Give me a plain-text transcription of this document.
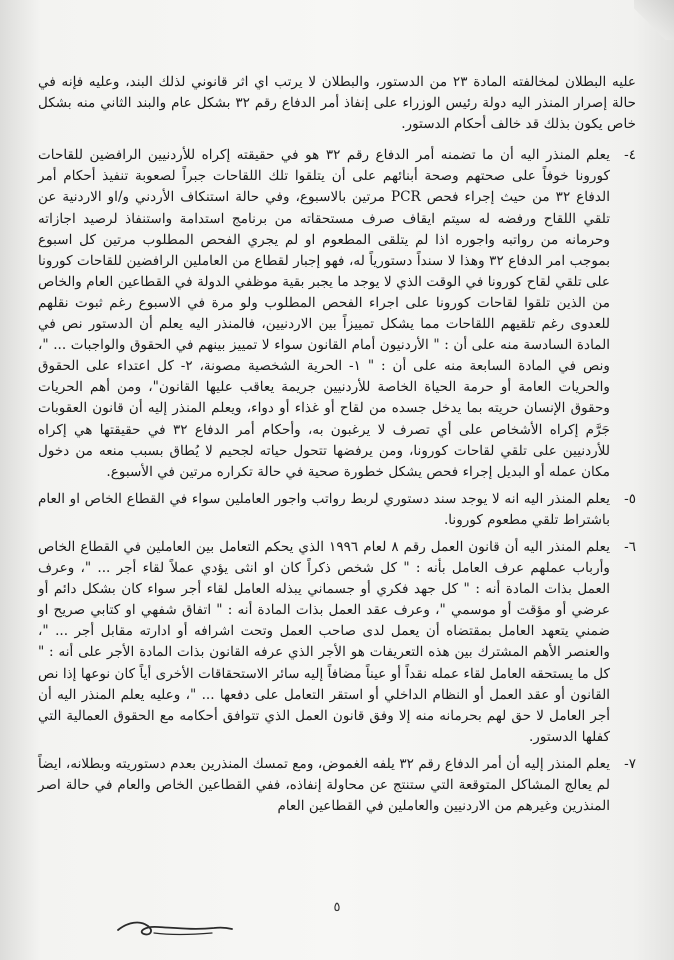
عليه البطلان لمخالفته المادة ٢٣ من الدستور، والبطلان لا يرتب اي اثر قانوني لذلك البند، وعليه فإنه في حالة إصرار المنذر اليه دولة رئيس الوزراء على إنفاذ أمر الدفاع رقم ٣٢ بشكل عام والبند الثاني منه بشكل خاص يكون بذلك قد خالف أحكام الدستور.

٤-

يعلم المنذر اليه أن ما تضمنه أمر الدفاع رقم ٣٢ هو في حقيقته إكراه للأردنيين الرافضين للقاحات كورونا خوفاً على صحتهم وصحة أبنائهم على أن يتلقوا تلك اللقاحات جبراً لصعوبة تنفيذ أحكام أمر الدفاع ٣٢ من حيث إجراء فحص PCR مرتين بالاسبوع، وفي حالة استنكاف الأردني و/او الاردنية عن تلقي اللقاح ورفضه له سيتم ايقاف صرف مستحقاته من برنامج استدامة واستنفاذ لرصيد اجازاته وحرمانه من رواتبه واجوره اذا لم يتلقى المطعوم او لم يجري الفحص المطلوب مرتين كل اسبوع بموجب امر الدفاع ٣٢ وهذا لا سنداً دستورياً له، فهو إجبار لقطاع من العاملين الرافضين للقاحات كورونا على تلقي لقاح كورونا في الوقت الذي لا يوجد ما يجبر بقية موظفي الدولة في القطاعين العام والخاص من الذين تلقوا لقاحات كورونا على اجراء الفحص المطلوب ولو مرة في الاسبوع رغم ثبوت نقلهم للعدوى رغم تلقيهم اللقاحات مما يشكل تمييزاً بين الاردنيين، فالمنذر اليه يعلم أن الدستور نص في المادة السادسة منه على أن : " الأردنيون أمام القانون سواء لا تمييز بينهم في الحقوق والواجبات ... "، ونص في المادة السابعة منه على أن : " ١- الحرية الشخصية مصونة، ٢- كل اعتداء على الحقوق والحريات العامة أو حرمة الحياة الخاصة للأردنيين جريمة يعاقب عليها القانون"، ومن أهم الحريات وحقوق الإنسان حريته بما يدخل جسده من لقاح أو غذاء أو دواء، ويعلم المنذر إليه أن قانون العقوبات جَرَّم إكراه الأشخاص على أي تصرف لا يرغبون به، وأحكام أمر الدفاع ٣٢ في حقيقتها هي إكراه للأردنيين على تلقي لقاحات كورونا، ومن يرفضها تتحول حياته لجحيم لا يُطاق بسبب منعه من دخول مكان عمله أو البديل إجراء فحص يشكل خطورة صحية في حالة تكراره مرتين في الأسبوع.

٥-

يعلم المنذر اليه انه لا يوجد سند دستوري لربط رواتب واجور العاملين سواء في القطاع الخاص او العام باشتراط تلقي مطعوم كورونا.

٦-

يعلم المنذر اليه أن قانون العمل رقم ٨ لعام ١٩٩٦ الذي يحكم التعامل بين العاملين في القطاع الخاص وأرباب عملهم عرف العامل بأنه : " كل شخص ذكراً كان او انثى يؤدي عملاً لقاء أجر ... "، وعرف العمل بذات المادة أنه : " كل جهد فكري أو جسماني يبذله العامل لقاء أجر سواء كان بشكل دائم أو عرضي أو مؤقت أو موسمي "، وعرف عقد العمل بذات المادة أنه : " اتفاق شفهي او كتابي صريح او ضمني يتعهد العامل بمقتضاه أن يعمل لدى صاحب العمل وتحت اشرافه أو ادارته مقابل أجر ... "، والعنصر الأهم المشترك بين هذه التعريفات هو الأجر الذي عرفه القانون بذات المادة الأجر على أنه : " كل ما يستحقه العامل لقاء عمله نقداً أو عيناً مضافاً إليه سائر الاستحقاقات الأخرى أياً كان نوعها إذا نص القانون أو عقد العمل أو النظام الداخلي أو استقر التعامل على دفعها ... "، وعليه يعلم المنذر اليه أن أجر العامل لا حق لهم بحرمانه منه إلا وفق قانون العمل الذي تتوافق أحكامه مع الحقوق العمالية التي كفلها الدستور.

٧-

يعلم المنذر إليه أن أمر الدفاع رقم ٣٢ يلفه الغموض، ومع تمسك المنذرين بعدم دستوريته وبطلانه، ايضاً لم يعالج المشاكل المتوقعة التي ستنتج عن محاولة إنفاذه، ففي القطاعين الخاص والعام في حالة اصر المنذرين وغيرهم من الاردنيين والعاملين في القطاعين العام

٥
